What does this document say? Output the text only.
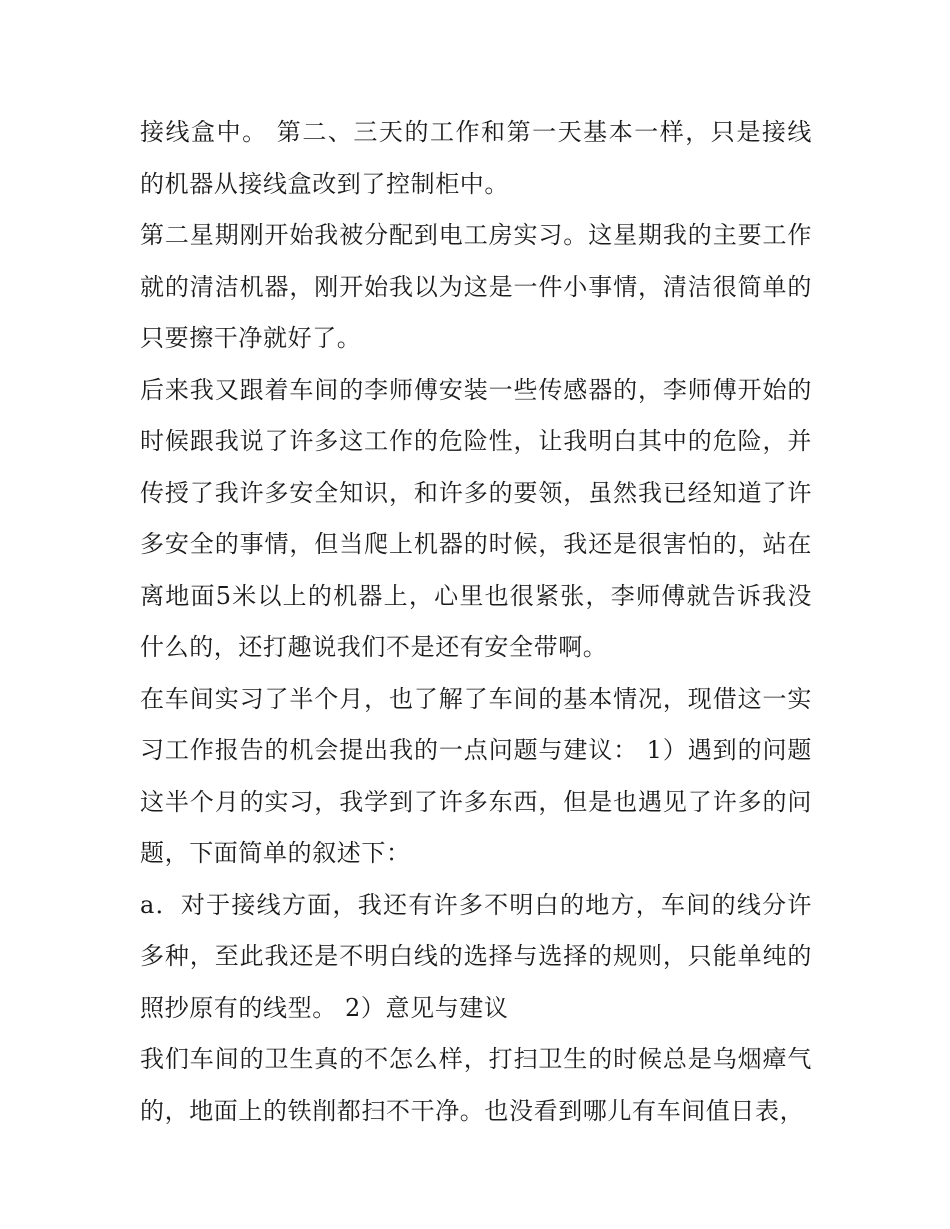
接线盒中。 第二、三天的工作和第一天基本一样，只是接线的机器从接线盒改到了控制柜中。

第二星期刚开始我被分配到电工房实习。这星期我的主要工作就的清洁机器，刚开始我以为这是一件小事情，清洁很简单的只要擦干净就好了。

后来我又跟着车间的李师傅安装一些传感器的，李师傅开始的时候跟我说了许多这工作的危险性，让我明白其中的危险，并传授了我许多安全知识，和许多的要领，虽然我已经知道了许多安全的事情，但当爬上机器的时候，我还是很害怕的，站在离地面5米以上的机器上，心里也很紧张，李师傅就告诉我没什么的，还打趣说我们不是还有安全带啊。

在车间实习了半个月，也了解了车间的基本情况，现借这一实习工作报告的机会提出我的一点问题与建议： 1）遇到的问题 这半个月的实习，我学到了许多东西，但是也遇见了许多的问题，下面简单的叙述下：

a．对于接线方面，我还有许多不明白的地方，车间的线分许多种，至此我还是不明白线的选择与选择的规则，只能单纯的照抄原有的线型。 2）意见与建议

我们车间的卫生真的不怎么样，打扫卫生的时候总是乌烟瘴气的，地面上的铁削都扫不干净。也没看到哪儿有车间值日表，
